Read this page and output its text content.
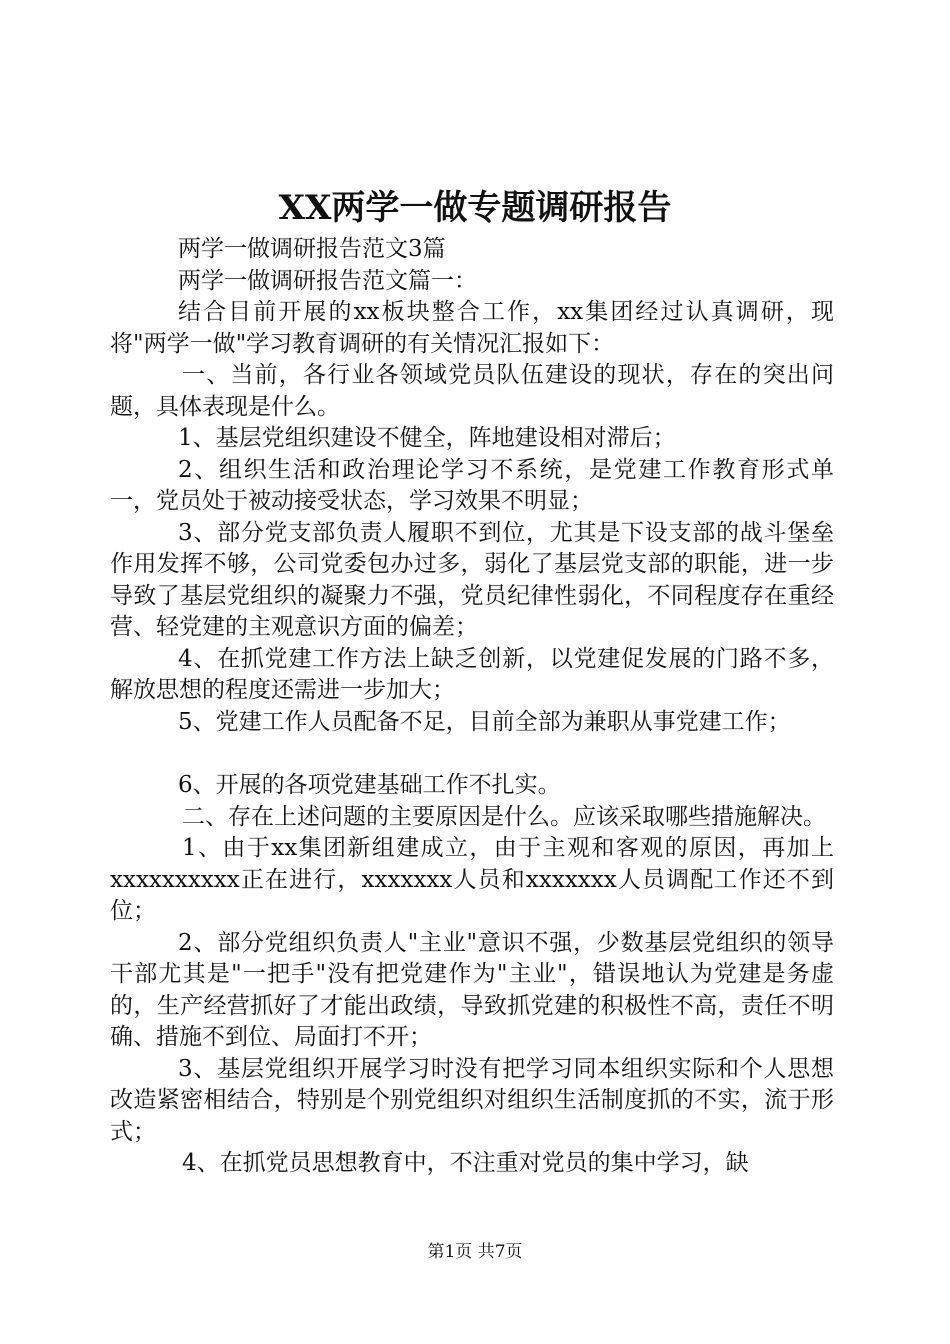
XX两学一做专题调研报告

两学一做调研报告范文3篇

两学一做调研报告范文篇一：

结合目前开展的xx板块整合工作，xx集团经过认真调研，现将"两学一做"学习教育调研的有关情况汇报如下：

一、当前，各行业各领域党员队伍建设的现状，存在的突出问题，具体表现是什么。

1、基层党组织建设不健全，阵地建设相对滞后；

2、组织生活和政治理论学习不系统，是党建工作教育形式单一，党员处于被动接受状态，学习效果不明显；

3、部分党支部负责人履职不到位，尤其是下设支部的战斗堡垒作用发挥不够，公司党委包办过多，弱化了基层党支部的职能，进一步导致了基层党组织的凝聚力不强，党员纪律性弱化，不同程度存在重经营、轻党建的主观意识方面的偏差；

4、在抓党建工作方法上缺乏创新，以党建促发展的门路不多，解放思想的程度还需进一步加大；

5、党建工作人员配备不足，目前全部为兼职从事党建工作；

6、开展的各项党建基础工作不扎实。

二、存在上述问题的主要原因是什么。应该采取哪些措施解决。

1、由于xx集团新组建成立，由于主观和客观的原因，再加上xxxxxxxxxx正在进行，xxxxxxx人员和xxxxxxx人员调配工作还不到位；

2、部分党组织负责人"主业"意识不强，少数基层党组织的领导干部尤其是"一把手"没有把党建作为"主业"，错误地认为党建是务虚的，生产经营抓好了才能出政绩，导致抓党建的积极性不高，责任不明确、措施不到位、局面打不开；

3、基层党组织开展学习时没有把学习同本组织实际和个人思想改造紧密相结合，特别是个别党组织对组织生活制度抓的不实，流于形式；

4、在抓党员思想教育中，不注重对党员的集中学习，缺

第1页 共7页
